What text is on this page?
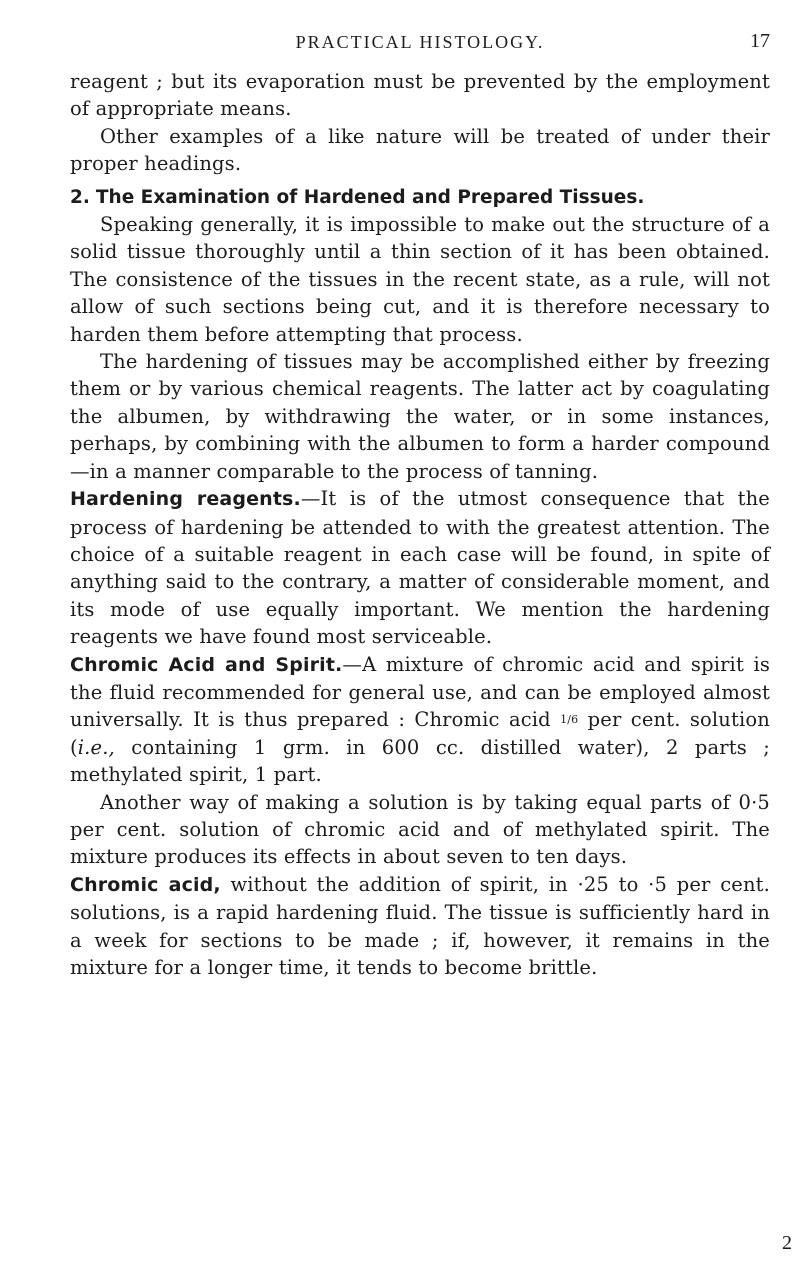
PRACTICAL HISTOLOGY.	17

reagent ; but its evaporation must be prevented by the employment of appropriate means.

Other examples of a like nature will be treated of under their proper headings.

2. The Examination of Hardened and Prepared Tissues.

Speaking generally, it is impossible to make out the structure of a solid tissue thoroughly until a thin section of it has been obtained. The consistence of the tissues in the recent state, as a rule, will not allow of such sections being cut, and it is therefore necessary to harden them before attempting that process.

The hardening of tissues may be accomplished either by freezing them or by various chemical reagents. The latter act by coagulating the albumen, by withdrawing the water, or in some instances, perhaps, by combining with the albumen to form a harder compound—in a manner comparable to the process of tanning.

Hardening reagents.—It is of the utmost consequence that the process of hardening be attended to with the greatest attention. The choice of a suitable reagent in each case will be found, in spite of anything said to the contrary, a matter of considerable moment, and its mode of use equally important. We mention the hardening reagents we have found most serviceable.

Chromic Acid and Spirit.—A mixture of chromic acid and spirit is the fluid recommended for general use, and can be employed almost universally. It is thus prepared : Chromic acid 1/6 per cent. solution (i.e., containing 1 grm. in 600 cc. distilled water), 2 parts ; methylated spirit, 1 part.

Another way of making a solution is by taking equal parts of 0·5 per cent. solution of chromic acid and of methylated spirit. The mixture produces its effects in about seven to ten days.

Chromic acid, without the addition of spirit, in ·25 to ·5 per cent. solutions, is a rapid hardening fluid. The tissue is sufficiently hard in a week for sections to be made ; if, however, it remains in the mixture for a longer time, it tends to become brittle.

2
